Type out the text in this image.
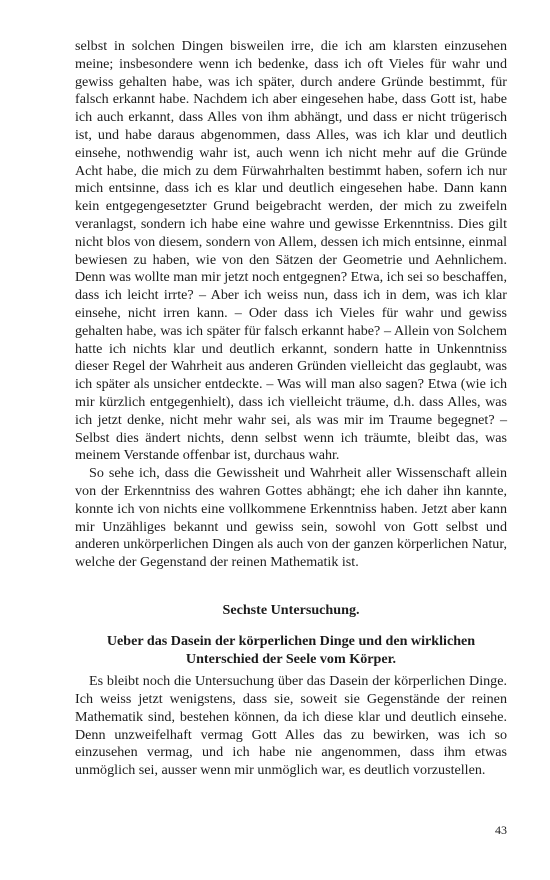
selbst in solchen Dingen bisweilen irre, die ich am klarsten einzusehen meine; insbesondere wenn ich bedenke, dass ich oft Vieles für wahr und gewiss gehalten habe, was ich später, durch andere Gründe bestimmt, für falsch erkannt habe. Nachdem ich aber eingesehen habe, dass Gott ist, habe ich auch erkannt, dass Alles von ihm abhängt, und dass er nicht trügerisch ist, und habe daraus abgenommen, dass Alles, was ich klar und deutlich einsehe, nothwendig wahr ist, auch wenn ich nicht mehr auf die Gründe Acht habe, die mich zu dem Fürwahrhalten bestimmt haben, sofern ich nur mich entsinne, dass ich es klar und deutlich eingesehen habe. Dann kann kein entgegengesetzter Grund beigebracht werden, der mich zu zweifeln veranlagst, sondern ich habe eine wahre und gewisse Erkenntniss. Dies gilt nicht blos von diesem, sondern von Allem, dessen ich mich entsinne, einmal bewiesen zu haben, wie von den Sätzen der Geometrie und Aehnlichem. Denn was wollte man mir jetzt noch entgegnen? Etwa, ich sei so beschaffen, dass ich leicht irrte? – Aber ich weiss nun, dass ich in dem, was ich klar einsehe, nicht irren kann. – Oder dass ich Vieles für wahr und gewiss gehalten habe, was ich später für falsch erkannt habe? – Allein von Solchem hatte ich nichts klar und deutlich erkannt, sondern hatte in Unkenntniss dieser Regel der Wahrheit aus anderen Gründen vielleicht das geglaubt, was ich später als unsicher entdeckte. – Was will man also sagen? Etwa (wie ich mir kürzlich entgegenhielt), dass ich vielleicht träume, d.h. dass Alles, was ich jetzt denke, nicht mehr wahr sei, als was mir im Traume begegnet? – Selbst dies ändert nichts, denn selbst wenn ich träumte, bleibt das, was meinem Verstande offenbar ist, durchaus wahr.

So sehe ich, dass die Gewissheit und Wahrheit aller Wissenschaft allein von der Erkenntniss des wahren Gottes abhängt; ehe ich daher ihn kannte, konnte ich von nichts eine vollkommene Erkenntniss haben. Jetzt aber kann mir Unzähliges bekannt und gewiss sein, sowohl von Gott selbst und anderen unkörperlichen Dingen als auch von der ganzen körperlichen Natur, welche der Gegenstand der reinen Mathematik ist.

Sechste Untersuchung.
Ueber das Dasein der körperlichen Dinge und den wirklichen Unterschied der Seele vom Körper.

Es bleibt noch die Untersuchung über das Dasein der körperlichen Dinge. Ich weiss jetzt wenigstens, dass sie, soweit sie Gegenstände der reinen Mathematik sind, bestehen können, da ich diese klar und deutlich einsehe. Denn unzweifelhaft vermag Gott Alles das zu bewirken, was ich so einzusehen vermag, und ich habe nie angenommen, dass ihm etwas unmöglich sei, ausser wenn mir unmöglich war, es deutlich vorzustellen.

43
